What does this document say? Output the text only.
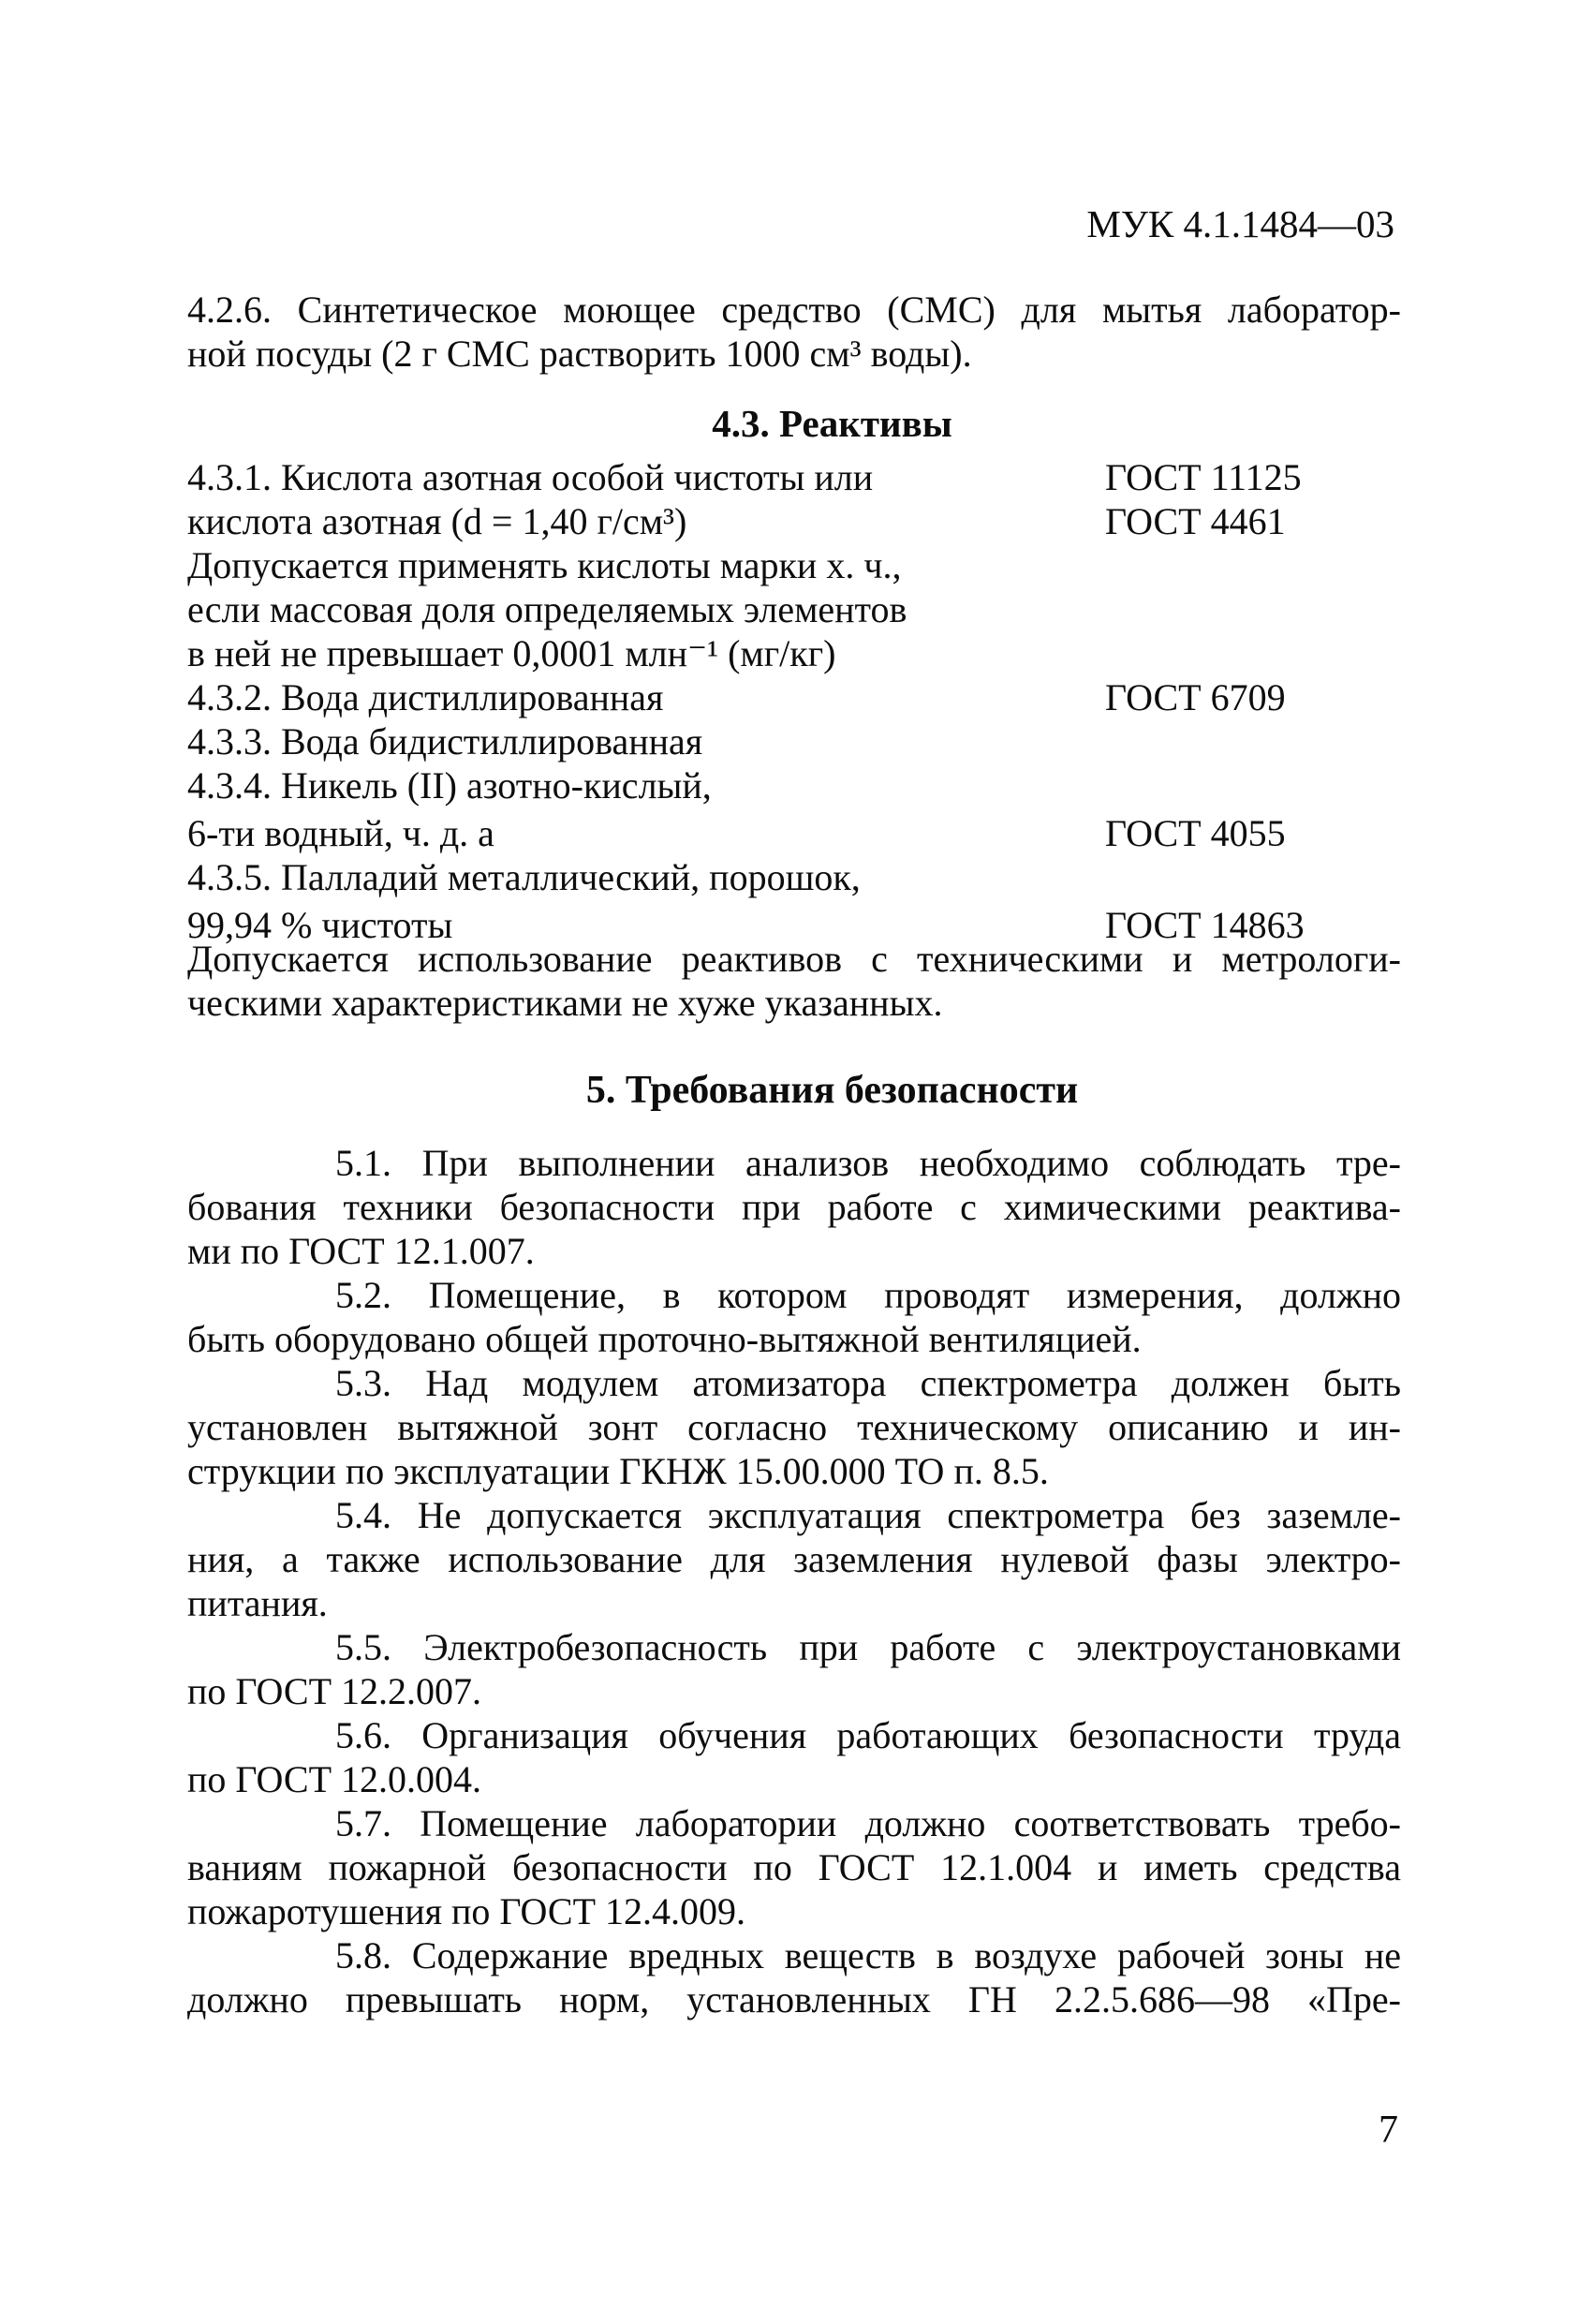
МУК 4.1.1484—03
4.2.6. Синтетическое моющее средство (СМС) для мытья лаборатор-
ной посуды (2 г СМС растворить 1000 см³ воды).
4.3. Реактивы
4.3.1. Кислота азотная особой чистоты или	ГОСТ 11125
кислота азотная (d = 1,40 г/см³)	ГОСТ 4461
Допускается применять кислоты марки х. ч.,
если массовая доля определяемых элементов
в ней не превышает 0,0001 млн⁻¹ (мг/кг)
4.3.2. Вода дистиллированная	ГОСТ 6709
4.3.3. Вода бидистиллированная
4.3.4. Никель (II) азотно-кислый,
6-ти водный, ч. д. а	ГОСТ 4055
4.3.5. Палладий металлический, порошок,
99,94 % чистоты	ГОСТ 14863
Допускается использование реактивов с техническими и метрологи-
ческими характеристиками не хуже указанных.
5. Требования безопасности

5.1. При выполнении анализов необходимо соблюдать тре-
бования техники безопасности при работе с химическими реактива-
ми по ГОСТ 12.1.007.

5.2. Помещение, в котором проводят измерения, должно
быть оборудовано общей проточно-вытяжной вентиляцией.

5.3. Над модулем атомизатора спектрометра должен быть
установлен вытяжной зонт согласно техническому описанию и ин-
струкции по эксплуатации ГКНЖ 15.00.000 ТО п. 8.5.

5.4. Не допускается эксплуатация спектрометра без заземле-
ния, а также использование для заземления нулевой фазы электро-
питания.

5.5. Электробезопасность при работе с электроустановками
по ГОСТ 12.2.007.

5.6. Организация обучения работающих безопасности труда
по ГОСТ 12.0.004.

5.7. Помещение лаборатории должно соответствовать требо-
ваниям пожарной безопасности по ГОСТ 12.1.004 и иметь средства
пожаротушения по ГОСТ 12.4.009.

5.8. Содержание вредных веществ в воздухе рабочей зоны не
должно превышать норм, установленных ГН 2.2.5.686—98 «Пре-

7
